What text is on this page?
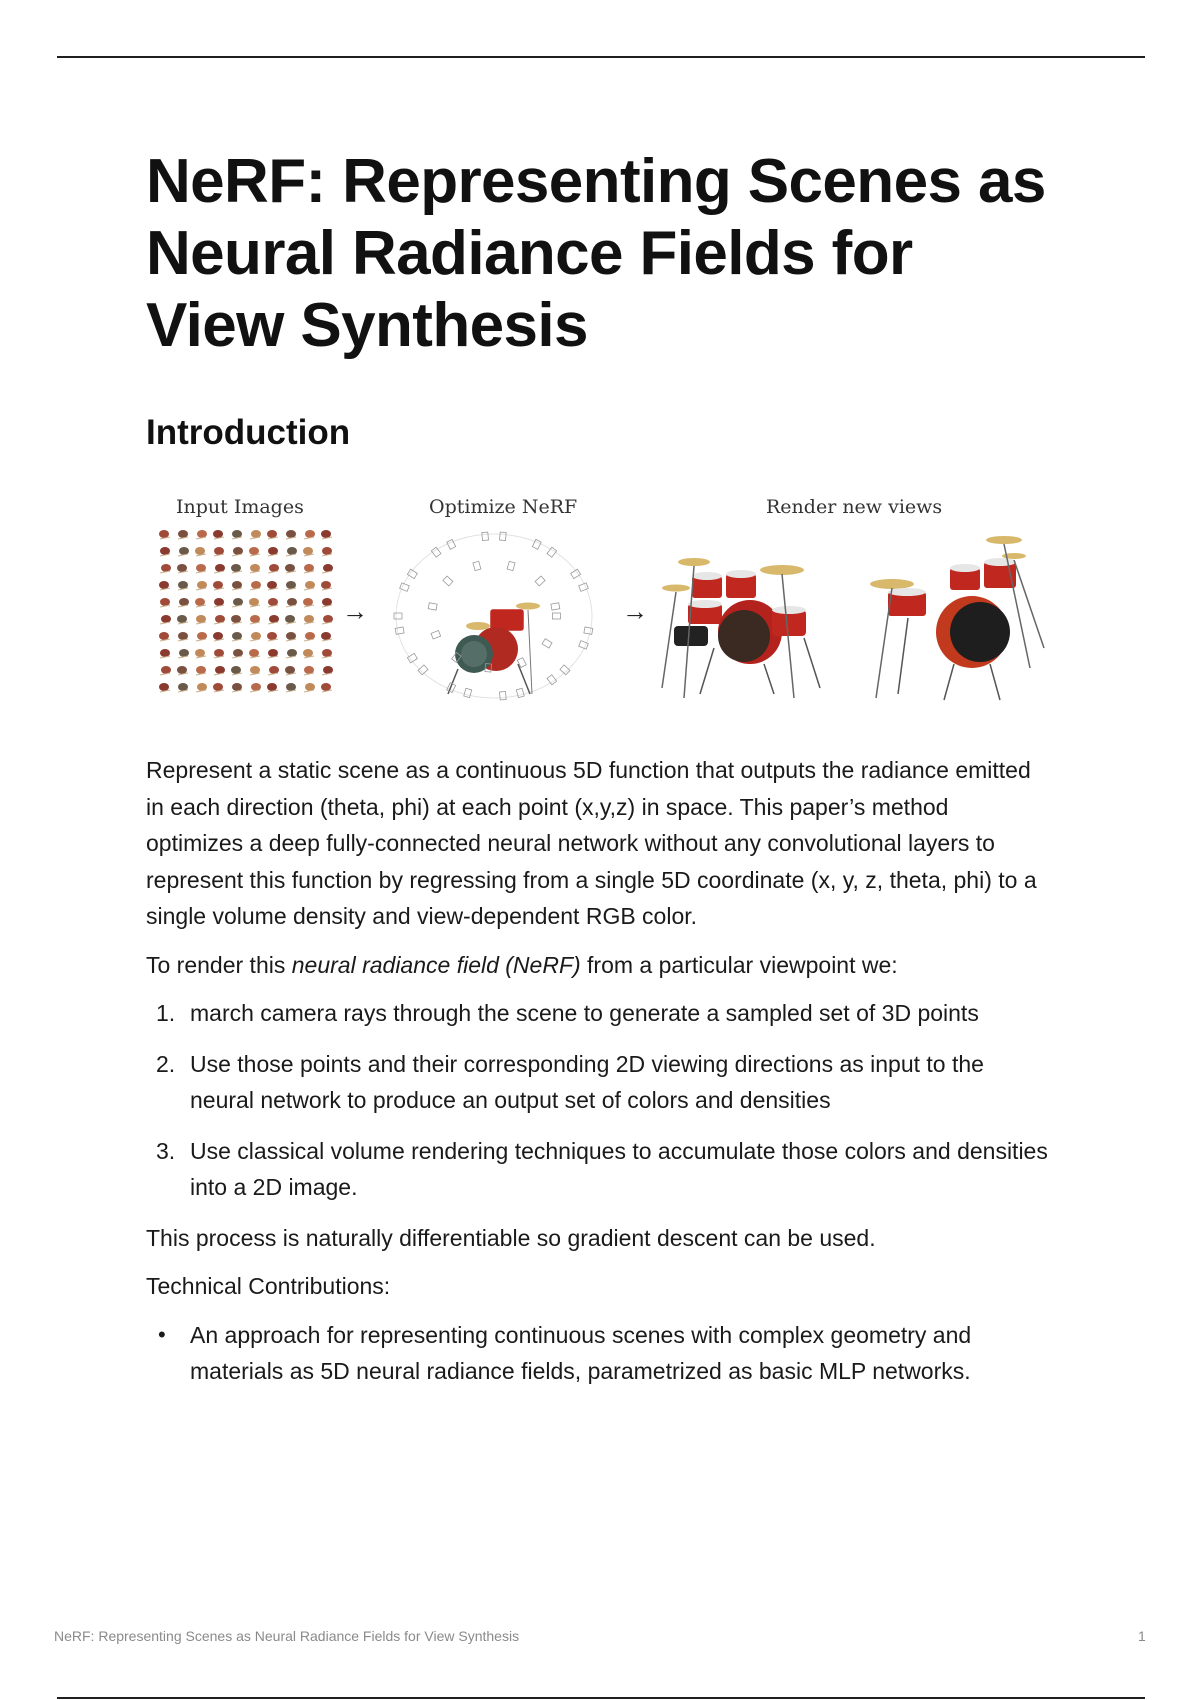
NeRF: Representing Scenes as Neural Radiance Fields for View Synthesis
Introduction
Input Images	Optimize NeRF	Render new views
→	→

Represent a static scene as a continuous 5D function that outputs the radiance emitted in each direction (theta, phi) at each point (x,y,z) in space. This paper’s method optimizes a deep fully-connected neural network without any convolutional layers to represent this function by regressing from a single 5D coordinate (x, y, z, theta, phi) to a single volume density and view-dependent RGB color.

To render this neural radiance field (NeRF) from a particular viewpoint we:

1. march camera rays through the scene to generate a sampled set of 3D points
2. Use those points and their corresponding 2D viewing directions as input to the neural network to produce an output set of colors and densities
3. Use classical volume rendering techniques to accumulate those colors and densities into a 2D image.

This process is naturally differentiable so gradient descent can be used.

Technical Contributions:

• An approach for representing continuous scenes with complex geometry and materials as 5D neural radiance fields, parametrized as basic MLP networks.
NeRF: Representing Scenes as Neural Radiance Fields for View Synthesis	1
